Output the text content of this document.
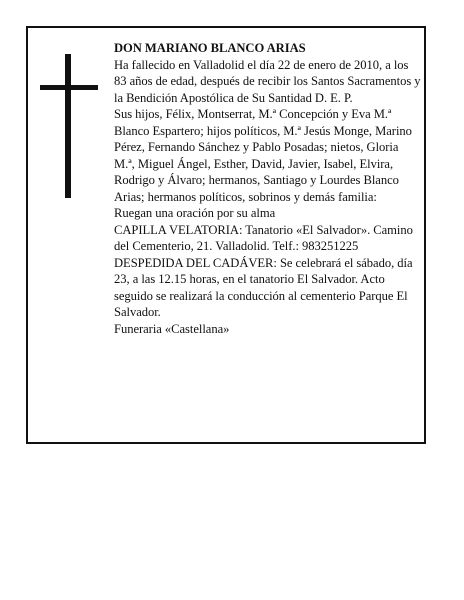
DON MARIANO BLANCO ARIAS

Ha fallecido en Valladolid el día 22 de enero de 2010, a los 83 años de edad, después de recibir los Santos Sacramentos y la Bendición Apostólica de Su Santidad D. E. P.

Sus hijos, Félix, Montserrat, M.ª Concepción y Eva M.ª Blanco Espartero; hijos políticos, M.ª Jesús Monge, Marino Pérez, Fernando Sánchez y Pablo Posadas; nietos, Gloria M.ª, Miguel Ángel, Esther, David, Javier, Isabel, Elvira, Rodrigo y Álvaro; hermanos, Santiago y Lourdes Blanco Arias; hermanos políticos, sobrinos y demás familia:

Ruegan una oración por su alma

CAPILLA VELATORIA: Tanatorio «El Salvador». Camino del Cementerio, 21. Valladolid. Telf.: 983251225

DESPEDIDA DEL CADÁVER: Se celebrará el sábado, día 23, a las 12.15 horas, en el tanatorio El Salvador. Acto seguido se realizará la conducción al cementerio Parque El Salvador.

Funeraria «Castellana»
